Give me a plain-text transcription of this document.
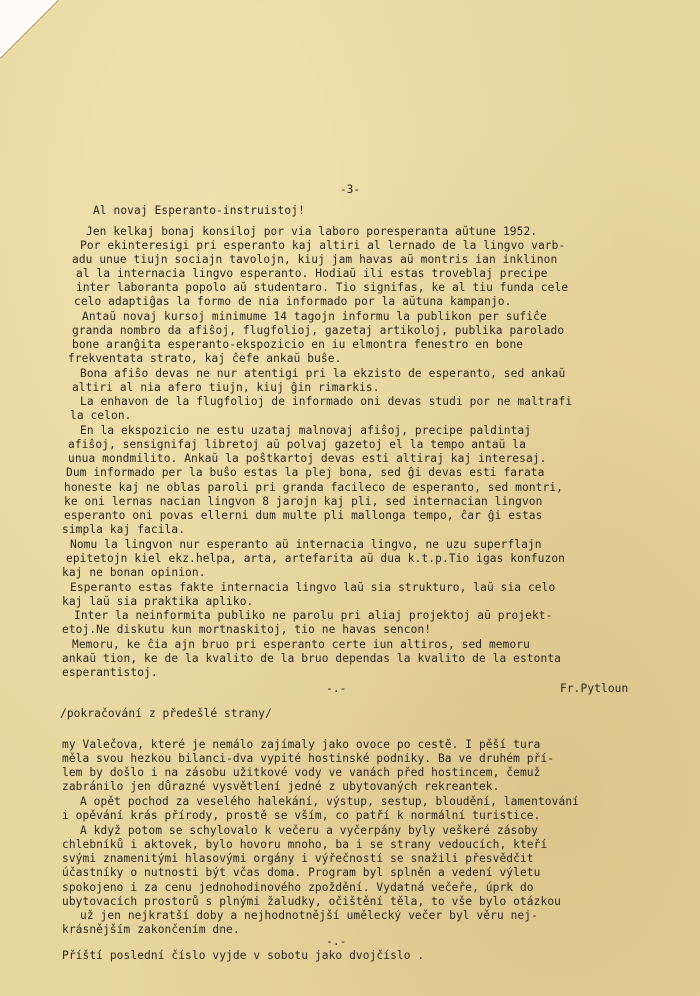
-3-
Al novaj Esperanto-instruistoj!
Jen kelkaj bonaj konsiloj por via laboro poresperanta aŭtune 1952.
Por ekinteresigi pri esperanto kaj altiri al lernado de la lingvo varb-
adu unue tiujn sociajn tavolojn, kiuj jam havas aŭ montris ian inklinon
al la internacia lingvo esperanto. Hodiaŭ ili estas troveblaj precipe
inter laboranta popolo aŭ studentaro. Tio signifas, ke al tiu funda cele
celo adaptiĝas la formo de nia informado por la aŭtuna kampanjo.
Antaŭ novaj kursoj minimume 14 tagojn informu la publikon per sufiĉe
granda nombro da afiŝoj, flugfolioj, gazetaj artikoloj, publika parolado
bone aranĝita esperanto-ekspozicio en iu elmontra fenestro en bone
frekventata strato, kaj ĉefe ankaŭ buŝe.
Bona afiŝo devas ne nur atentigi pri la ekzisto de esperanto, sed ankaŭ
altiri al nia afero tiujn, kiuj ĝin rimarkis.
La enhavon de la flugfolioj de informado oni devas studi por ne maltrafi
la celon.
En la ekspozicio ne estu uzataj malnovaj afiŝoj, precipe paldintaj
afiŝoj, sensignifaj libretoj aŭ polvaj gazetoj el la tempo antaŭ la
unua mondmilito. Ankaŭ la poŝtkartoj devas esti altiraj kaj interesaj.
Dum informado per la buŝo estas la plej bona, sed ĝi devas esti farata
honeste kaj ne oblas paroli pri granda facileco de esperanto, sed montri,
ke oni lernas nacian lingvon 8 jarojn kaj pli, sed internacian lingvon
esperanto oni povas ellerni dum multe pli mallonga tempo, ĉar ĝi estas
simpla kaj facila.
Nomu la lingvon nur esperanto aŭ internacia lingvo, ne uzu superflajn
epitetojn kiel ekz.helpa, arta, artefarita aŭ dua k.t.p.Tio igas konfuzon
kaj ne bonan opinion.
Esperanto estas fakte internacia lingvo laŭ sia strukturo, laŭ sia celo
kaj laŭ sia praktika apliko.
Inter la neinformita publiko ne parolu pri aliaj projektoj aŭ projekt-
etoj.Ne diskutu kun mortnaskitoj, tio ne havas sencon!
Memoru, ke ĉia ajn bruo pri esperanto certe iun altiros, sed memoru
ankaŭ tion, ke de la kvalito de la bruo dependas la kvalito de la estonta
esperantistoj.
-.-	Fr.Pytloun
/pokračování z předešlé strany/
my Valečova, které je nemálo zajímaly jako ovoce po cestě. I pěší tura
měla svou hezkou bilanci-dva vypité hostinské podniky. Ba ve druhém pří-
lem by došlo i na zásobu užitkové vody ve vanách před hostincem, čemuž
zabránilo jen důrazné vysvětlení jedné z ubytovaných rekreantek.
A opět pochod za veselého halekání, výstup, sestup, bloudění, lamentování
i opěvání krás přírody, prostě se vším, co patří k normální turistice.
A když potom se schylovalo k večeru a vyčerpány byly veškeré zásoby
chlebníků i aktovek, bylo hovoru mnoho, ba i se strany vedoucích, kteří
svými znamenitými hlasovými orgány i výřečností se snažili přesvědčit
účastníky o nutnosti být včas doma. Program byl splněn a vedení výletu
spokojeno i za cenu jednohodinového zpoždění. Vydatná večeře, úprk do
ubytovacích prostorů s plnými žaludky, očištění těla, to vše bylo otázkou
už jen nejkratší doby a nejhodnotnější umělecký večer byl věru nej-
krásnějším zakončením dne.
-.-
Příští poslední číslo vyjde v sobotu jako dvojčíslo .
